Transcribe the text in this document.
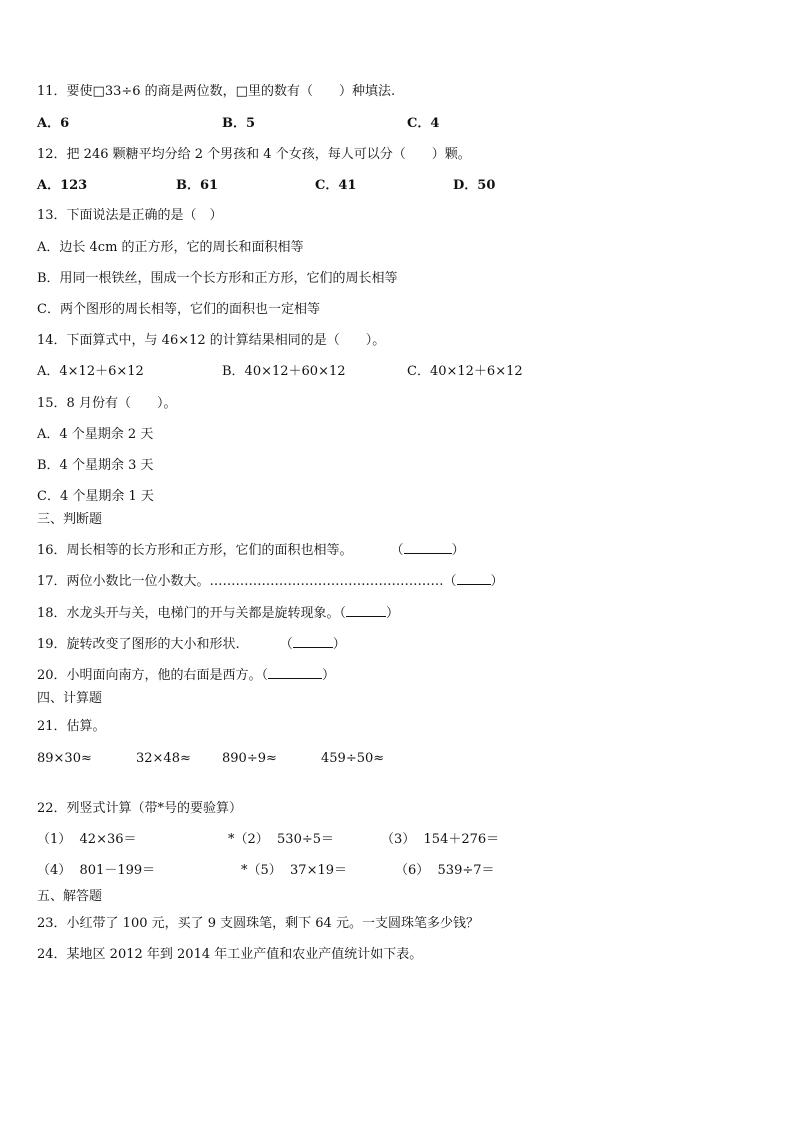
11．要使□33÷6 的商是两位数，□里的数有（　　）种填法.
A．6	B．5	C．4
12．把 246 颗糖平均分给 2 个男孩和 4 个女孩，每人可以分（　　）颗。
A．123	B．61	C．41	D．50
13．下面说法是正确的是（　）
A．边长 4cm 的正方形，它的周长和面积相等
B．用同一根铁丝，围成一个长方形和正方形，它们的周长相等
C．两个图形的周长相等，它们的面积也一定相等
14．下面算式中，与 46×12 的计算结果相同的是（　　）。
A．4×12＋6×12	B．40×12＋60×12	C．40×12＋6×12
15．8 月份有（　　）。
A．4 个星期余 2 天
B．4 个星期余 3 天
C．4 个星期余 1 天
三、判断题
16．周长相等的长方形和正方形，它们的面积也相等。	（	）
17．两位小数比一位小数大。………………………………………………（	）
18．水龙头开与关，电梯门的开与关都是旋转现象。（	）
19．旋转改变了图形的大小和形状.	（	）
20．小明面向南方，他的右面是西方。（	）
四、计算题
21．估算。
89×30≈	32×48≈ 890÷9≈	459÷50≈
22．列竖式计算（带*号的要验算）
（1）  42×36＝	*（2）  530÷5＝	（3）  154＋276＝
（4）  801－199＝	*（5）  37×19＝	（6）  539÷7＝
五、解答题
23．小红带了 100 元，买了 9 支圆珠笔，剩下 64 元。一支圆珠笔多少钱？
24．某地区 2012 年到 2014 年工业产值和农业产值统计如下表。
